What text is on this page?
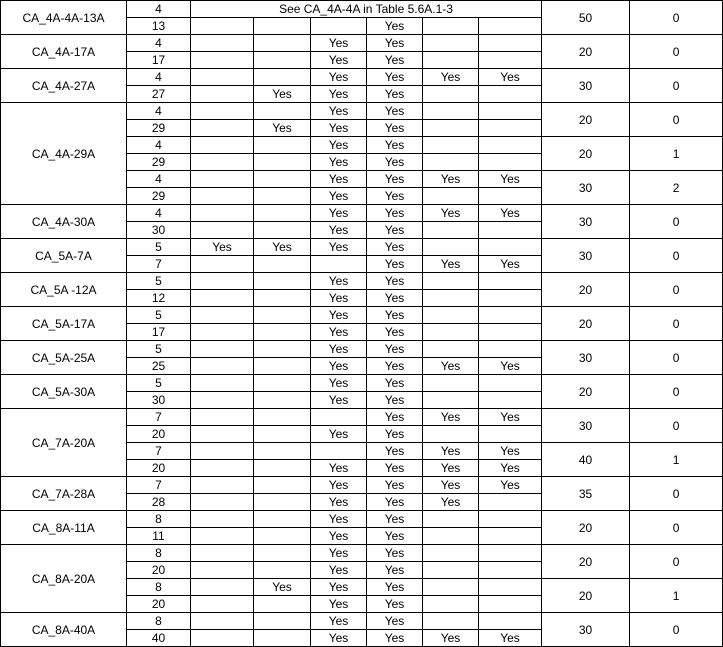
CA_4A-4A-13A	4	See CA_4A-4A in Table 5.6A.1-3						50	0
	13				Yes				
CA_4A-17A	4			Yes	Yes			20	0
	17			Yes	Yes				
CA_4A-27A	4			Yes	Yes	Yes	Yes	30	0
	27		Yes	Yes	Yes				
CA_4A-29A	4			Yes	Yes			20	0
	29		Yes	Yes	Yes				
	4			Yes	Yes			20	1
	29			Yes	Yes				
	4			Yes	Yes	Yes	Yes	30	2
	29			Yes	Yes				
CA_4A-30A	4			Yes	Yes	Yes	Yes	30	0
	30			Yes	Yes				
CA_5A-7A	5	Yes	Yes	Yes	Yes			30	0
	7				Yes	Yes	Yes		
CA_5A -12A	5			Yes	Yes			20	0
	12			Yes	Yes				
CA_5A-17A	5			Yes	Yes			20	0
	17			Yes	Yes				
CA_5A-25A	5			Yes	Yes			30	0
	25			Yes	Yes	Yes	Yes		
CA_5A-30A	5			Yes	Yes			20	0
	30			Yes	Yes				
CA_7A-20A	7				Yes	Yes	Yes	30	0
	20			Yes	Yes				
	7				Yes	Yes	Yes	40	1
	20			Yes	Yes	Yes	Yes		
CA_7A-28A	7			Yes	Yes	Yes	Yes	35	0
	28			Yes	Yes	Yes			
CA_8A-11A	8			Yes	Yes			20	0
	11			Yes	Yes				
CA_8A-20A	8			Yes	Yes			20	0
	20			Yes	Yes				
	8		Yes	Yes	Yes			20	1
	20			Yes	Yes				
CA_8A-40A	8			Yes	Yes			30	0
	40			Yes	Yes	Yes	Yes		
